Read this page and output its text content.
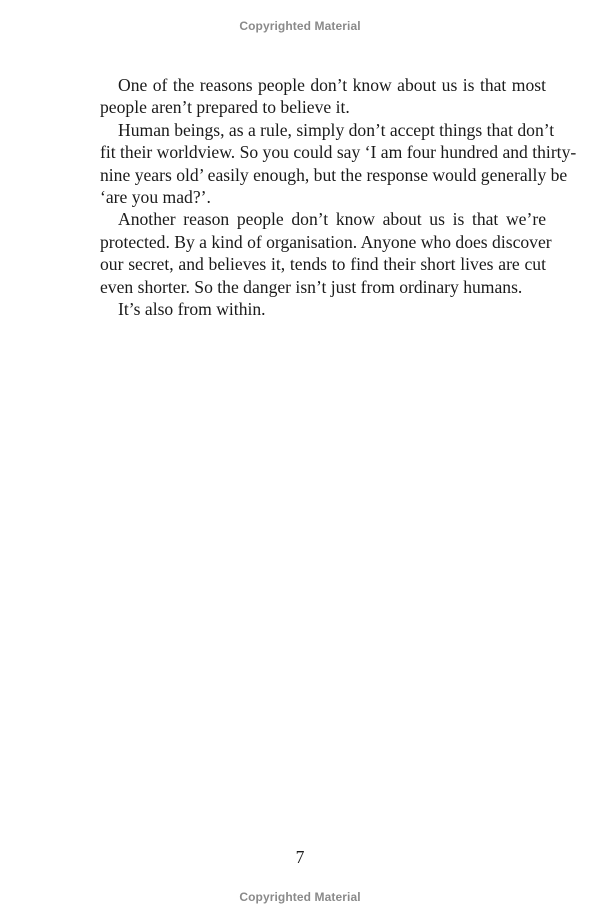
Copyrighted Material
One of the reasons people don’t know about us is that most
people aren’t prepared to believe it.
Human beings, as a rule, simply don’t accept things that don’t
fit their worldview. So you could say ‘I am four hundred and thirty-
nine years old’ easily enough, but the response would generally be
‘are you mad?’.
Another reason people don’t know about us is that we’re
protected. By a kind of organisation. Anyone who does discover
our secret, and believes it, tends to find their short lives are cut
even shorter. So the danger isn’t just from ordinary humans.
It’s also from within.
7
Copyrighted Material
